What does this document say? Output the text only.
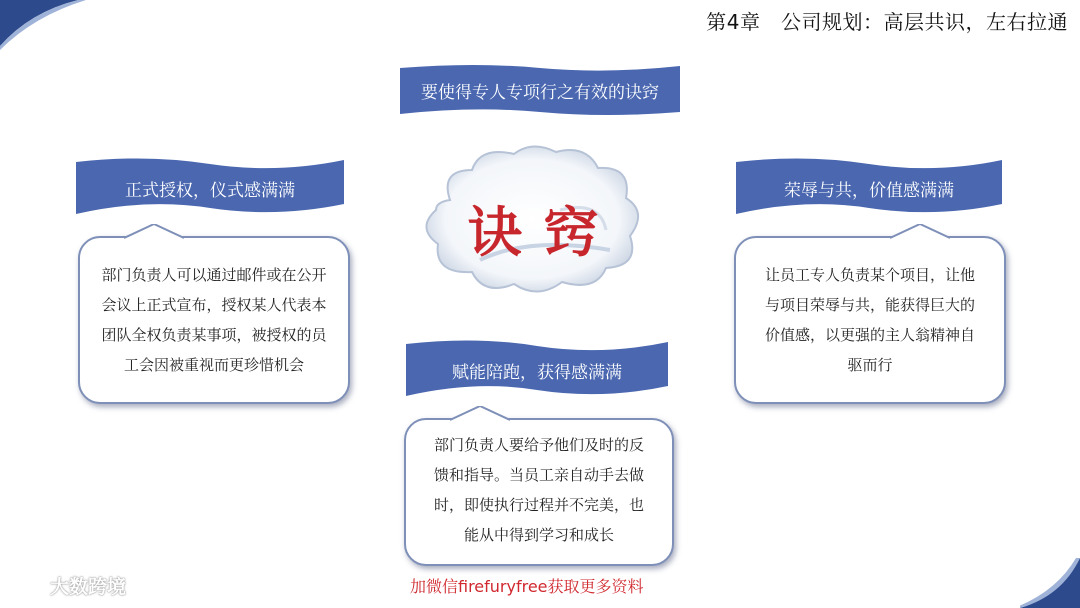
第4章　公司规划：高层共识，左右拉通
要使得专人专项行之有效的诀窍
诀窍
正式授权，仪式感满满	荣辱与共，价值感满满
部门负责人可以通过邮件或在公开
会议上正式宣布，授权某人代表本
团队全权负责某事项，被授权的员
工会因被重视而更珍惜机会
让员工专人负责某个项目，让他
与项目荣辱与共，能获得巨大的
价值感，以更强的主人翁精神自
驱而行
赋能陪跑，获得感满满
部门负责人要给予他们及时的反
馈和指导。当员工亲自动手去做
时，即使执行过程并不完美，也
能从中得到学习和成长
加微信firefuryfree获取更多资料
大数跨境
